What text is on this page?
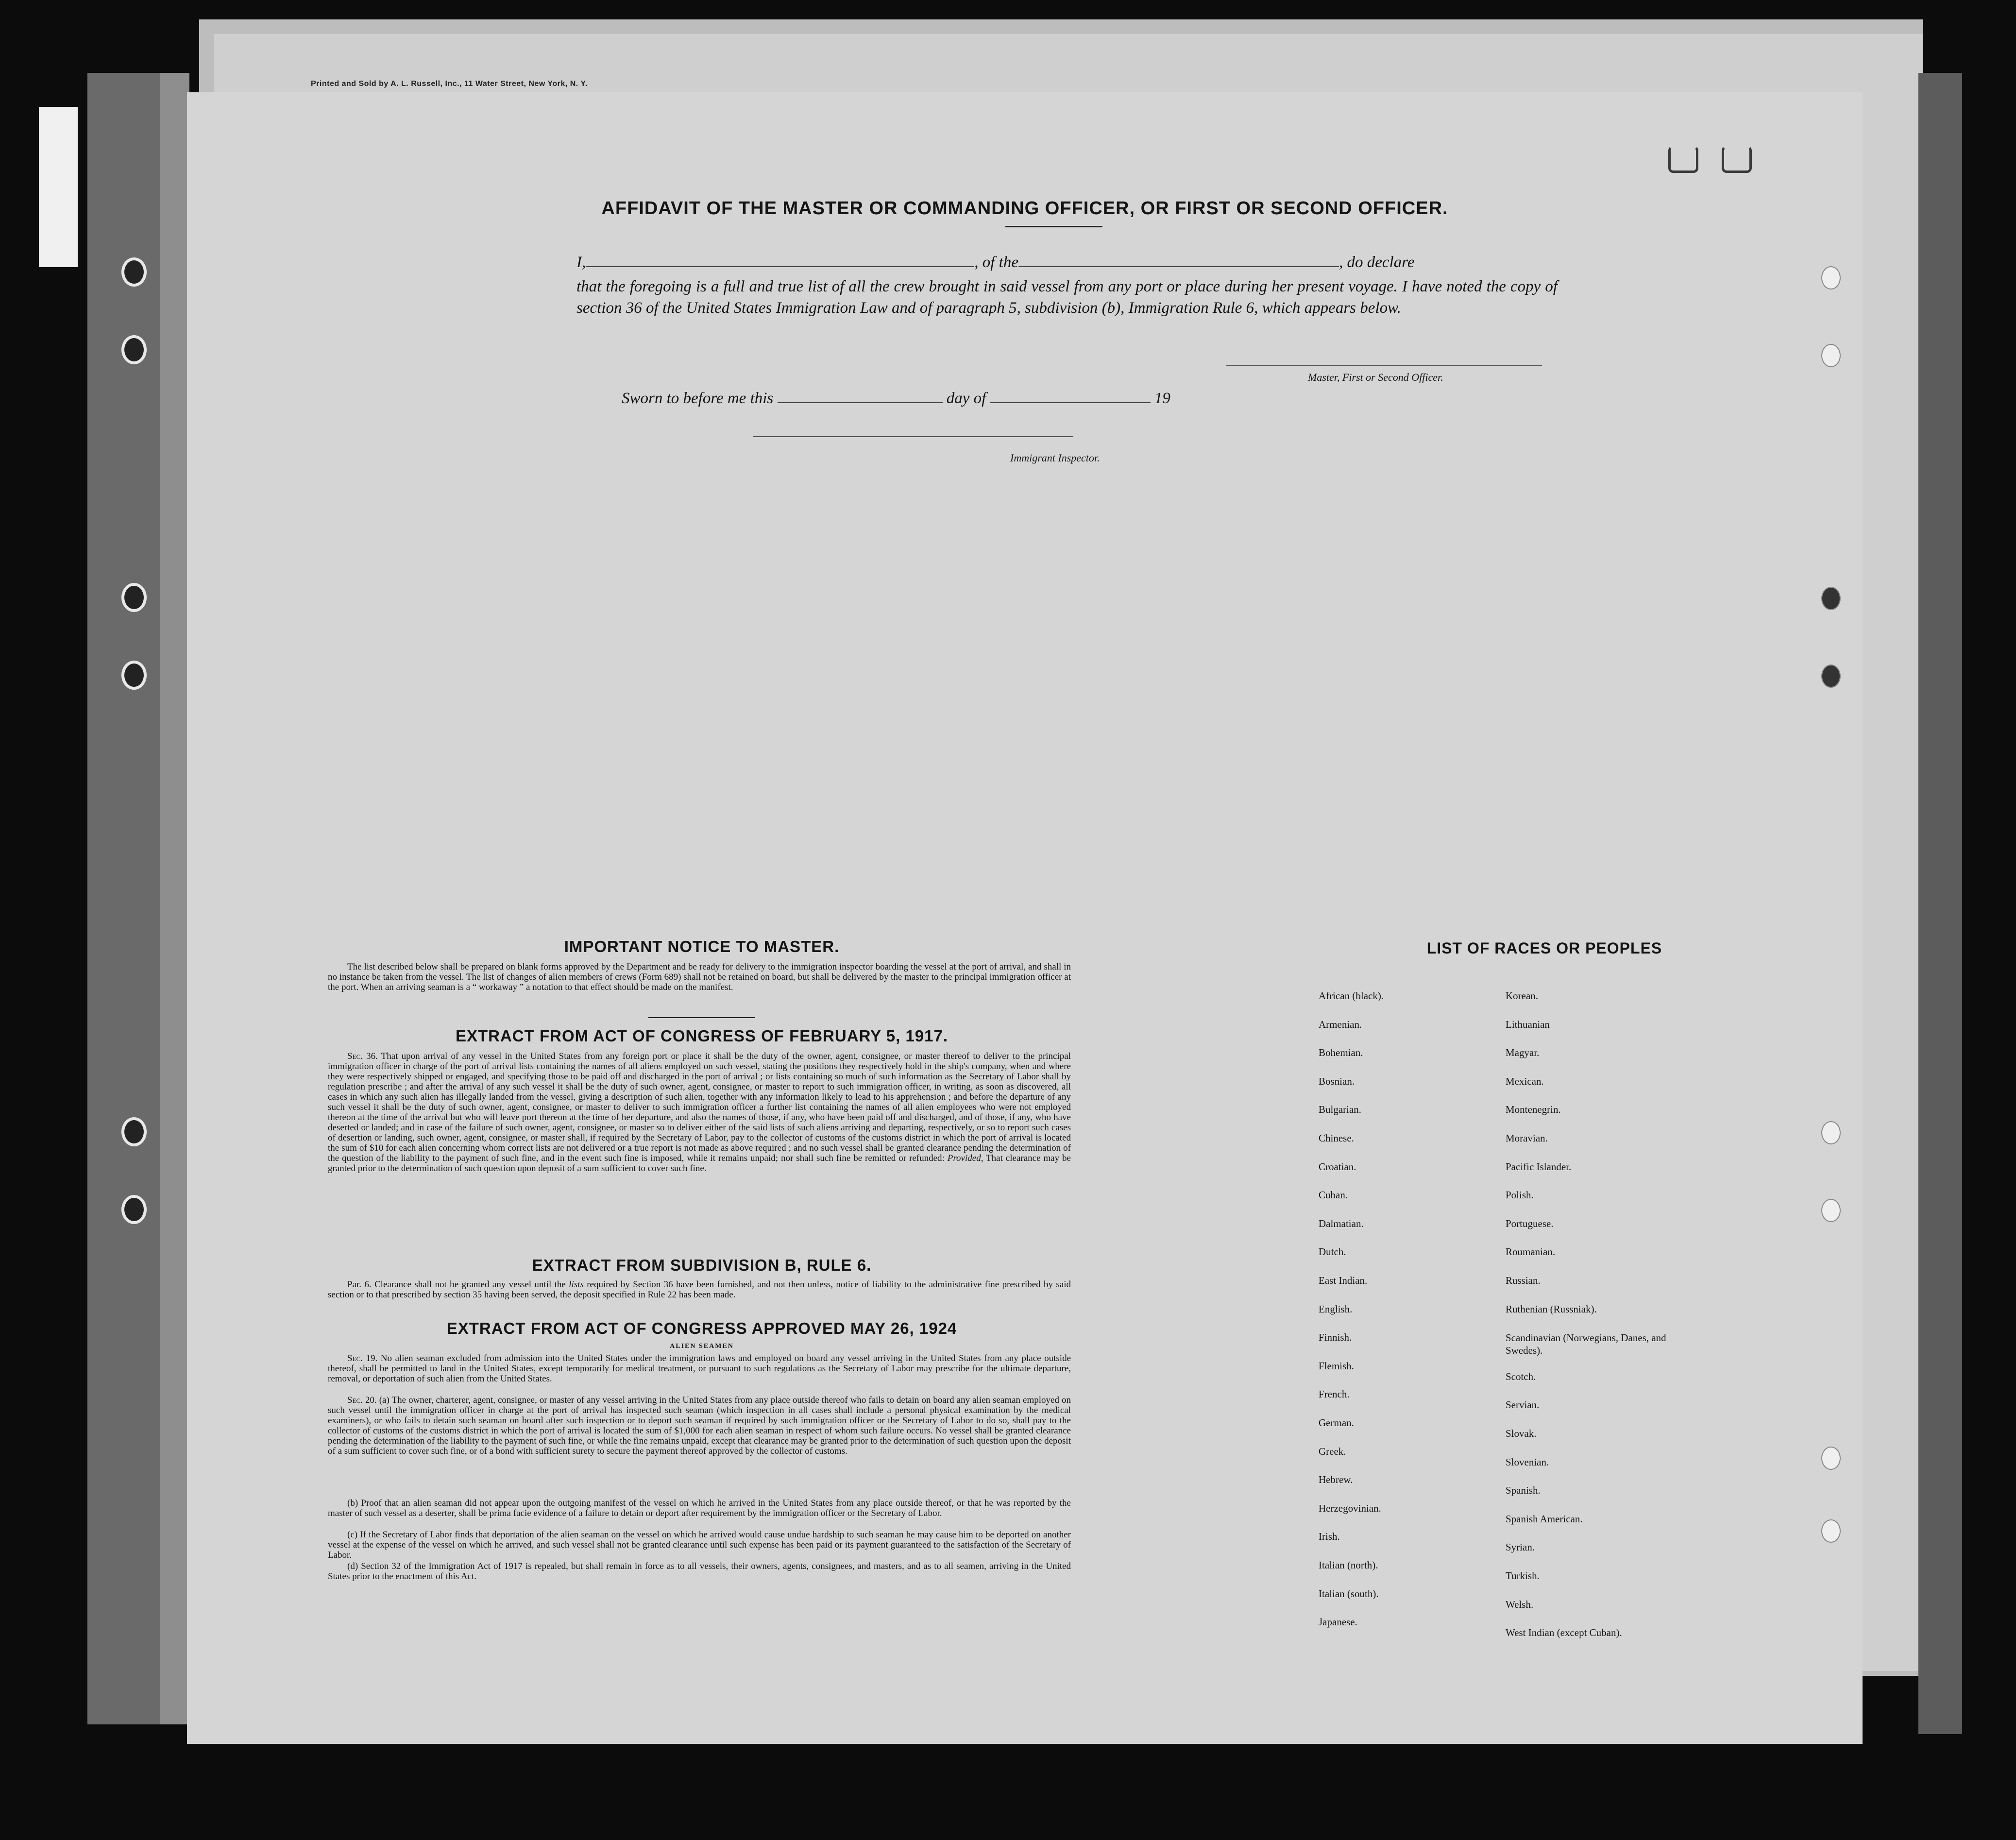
Printed and Sold by A. L. Russell, Inc., 11 Water Street, New York, N. Y.
AFFIDAVIT OF THE MASTER OR COMMANDING OFFICER, OR FIRST OR SECOND OFFICER.
I,	, of the	, do declare
that the foregoing is a full and true list of all the crew brought in said vessel from any port or place during her present voyage. I have noted the copy of section 36 of the United States Immigration Law and of paragraph 5, subdivision (b), Immigration Rule 6, which appears below.
Master, First or Second Officer.
Sworn to before me this	day of	19
Immigrant Inspector.
IMPORTANT NOTICE TO MASTER.

The list described below shall be prepared on blank forms approved by the Department and be ready for delivery to the immigration inspector boarding the vessel at the port of arrival, and shall in no instance be taken from the vessel. The list of changes of alien members of crews (Form 689) shall not be retained on board, but shall be delivered by the master to the principal immigration officer at the port. When an arriving seaman is a “ workaway ” a notation to that effect should be made on the manifest.

EXTRACT FROM ACT OF CONGRESS OF FEBRUARY 5, 1917.

Sec. 36. That upon arrival of any vessel in the United States from any foreign port or place it shall be the duty of the owner, agent, consignee, or master thereof to deliver to the principal immigration officer in charge of the port of arrival lists containing the names of all aliens employed on such vessel, stating the positions they respectively hold in the ship's company, when and where they were respectively shipped or engaged, and specifying those to be paid off and discharged in the port of arrival ; or lists containing so much of such information as the Secretary of Labor shall by regulation prescribe ; and after the arrival of any such vessel it shall be the duty of such owner, agent, consignee, or master to report to such immigration officer, in writing, as soon as discovered, all cases in which any such alien has illegally landed from the vessel, giving a description of such alien, together with any information likely to lead to his apprehension ; and before the departure of any such vessel it shall be the duty of such owner, agent, consignee, or master to deliver to such immigration officer a further list containing the names of all alien employees who were not employed thereon at the time of the arrival but who will leave port thereon at the time of her departure, and also the names of those, if any, who have been paid off and discharged, and of those, if any, who have deserted or landed; and in case of the failure of such owner, agent, consignee, or master so to deliver either of the said lists of such aliens arriving and departing, respectively, or so to report such cases of desertion or landing, such owner, agent, consignee, or master shall, if required by the Secretary of Labor, pay to the collector of customs of the customs district in which the port of arrival is located the sum of $10 for each alien concerning whom correct lists are not delivered or a true report is not made as above required ; and no such vessel shall be granted clearance pending the determination of the question of the liability to the payment of such fine, and in the event such fine is imposed, while it remains unpaid; nor shall such fine be remitted or refunded: Provided, That clearance may be granted prior to the determination of such question upon deposit of a sum sufficient to cover such fine.

EXTRACT FROM SUBDIVISION B, RULE 6.

Par. 6. Clearance shall not be granted any vessel until the lists required by Section 36 have been furnished, and not then unless, notice of liability to the administrative fine prescribed by said section or to that prescribed by section 35 having been served, the deposit specified in Rule 22 has been made.

EXTRACT FROM ACT OF CONGRESS APPROVED MAY 26, 1924
ALIEN SEAMEN

Sec. 19. No alien seaman excluded from admission into the United States under the immigration laws and employed on board any vessel arriving in the United States from any place outside thereof, shall be permitted to land in the United States, except temporarily for medical treatment, or pursuant to such regulations as the Secretary of Labor may prescribe for the ultimate departure, removal, or deportation of such alien from the United States.

Sec. 20. (a) The owner, charterer, agent, consignee, or master of any vessel arriving in the United States from any place outside thereof who fails to detain on board any alien seaman employed on such vessel until the immigration officer in charge at the port of arrival has inspected such seaman (which inspection in all cases shall include a personal physical examination by the medical examiners), or who fails to detain such seaman on board after such inspection or to deport such seaman if required by such immigration officer or the Secretary of Labor to do so, shall pay to the collector of customs of the customs district in which the port of arrival is located the sum of $1,000 for each alien seaman in respect of whom such failure occurs. No vessel shall be granted clearance pending the determination of the liability to the payment of such fine, or while the fine remains unpaid, except that clearance may be granted prior to the determination of such question upon the deposit of a sum sufficient to cover such fine, or of a bond with sufficient surety to secure the payment thereof approved by the collector of customs.

(b) Proof that an alien seaman did not appear upon the outgoing manifest of the vessel on which he arrived in the United States from any place outside thereof, or that he was reported by the master of such vessel as a deserter, shall be prima facie evidence of a failure to detain or deport after requirement by the immigration officer or the Secretary of Labor.

(c) If the Secretary of Labor finds that deportation of the alien seaman on the vessel on which he arrived would cause undue hardship to such seaman he may cause him to be deported on another vessel at the expense of the vessel on which he arrived, and such vessel shall not be granted clearance until such expense has been paid or its payment guaranteed to the satisfaction of the Secretary of Labor.

(d) Section 32 of the Immigration Act of 1917 is repealed, but shall remain in force as to all vessels, their owners, agents, consignees, and masters, and as to all seamen, arriving in the United States prior to the enactment of this Act.

LIST OF RACES OR PEOPLES
African (black).
Armenian.
Bohemian.
Bosnian.
Bulgarian.
Chinese.
Croatian.
Cuban.
Dalmatian.
Dutch.
East Indian.
English.
Finnish.
Flemish.
French.
German.
Greek.
Hebrew.
Herzegovinian.
Irish.
Italian (north).
Italian (south).
Japanese.
Korean.
Lithuanian
Magyar.
Mexican.
Montenegrin.
Moravian.
Pacific Islander.
Polish.
Portuguese.
Roumanian.
Russian.
Ruthenian (Russniak).
Scandinavian (Norwegians, Danes, and Swedes).
Scotch.
Servian.
Slovak.
Slovenian.
Spanish.
Spanish American.
Syrian.
Turkish.
Welsh.
West Indian (except Cuban).
